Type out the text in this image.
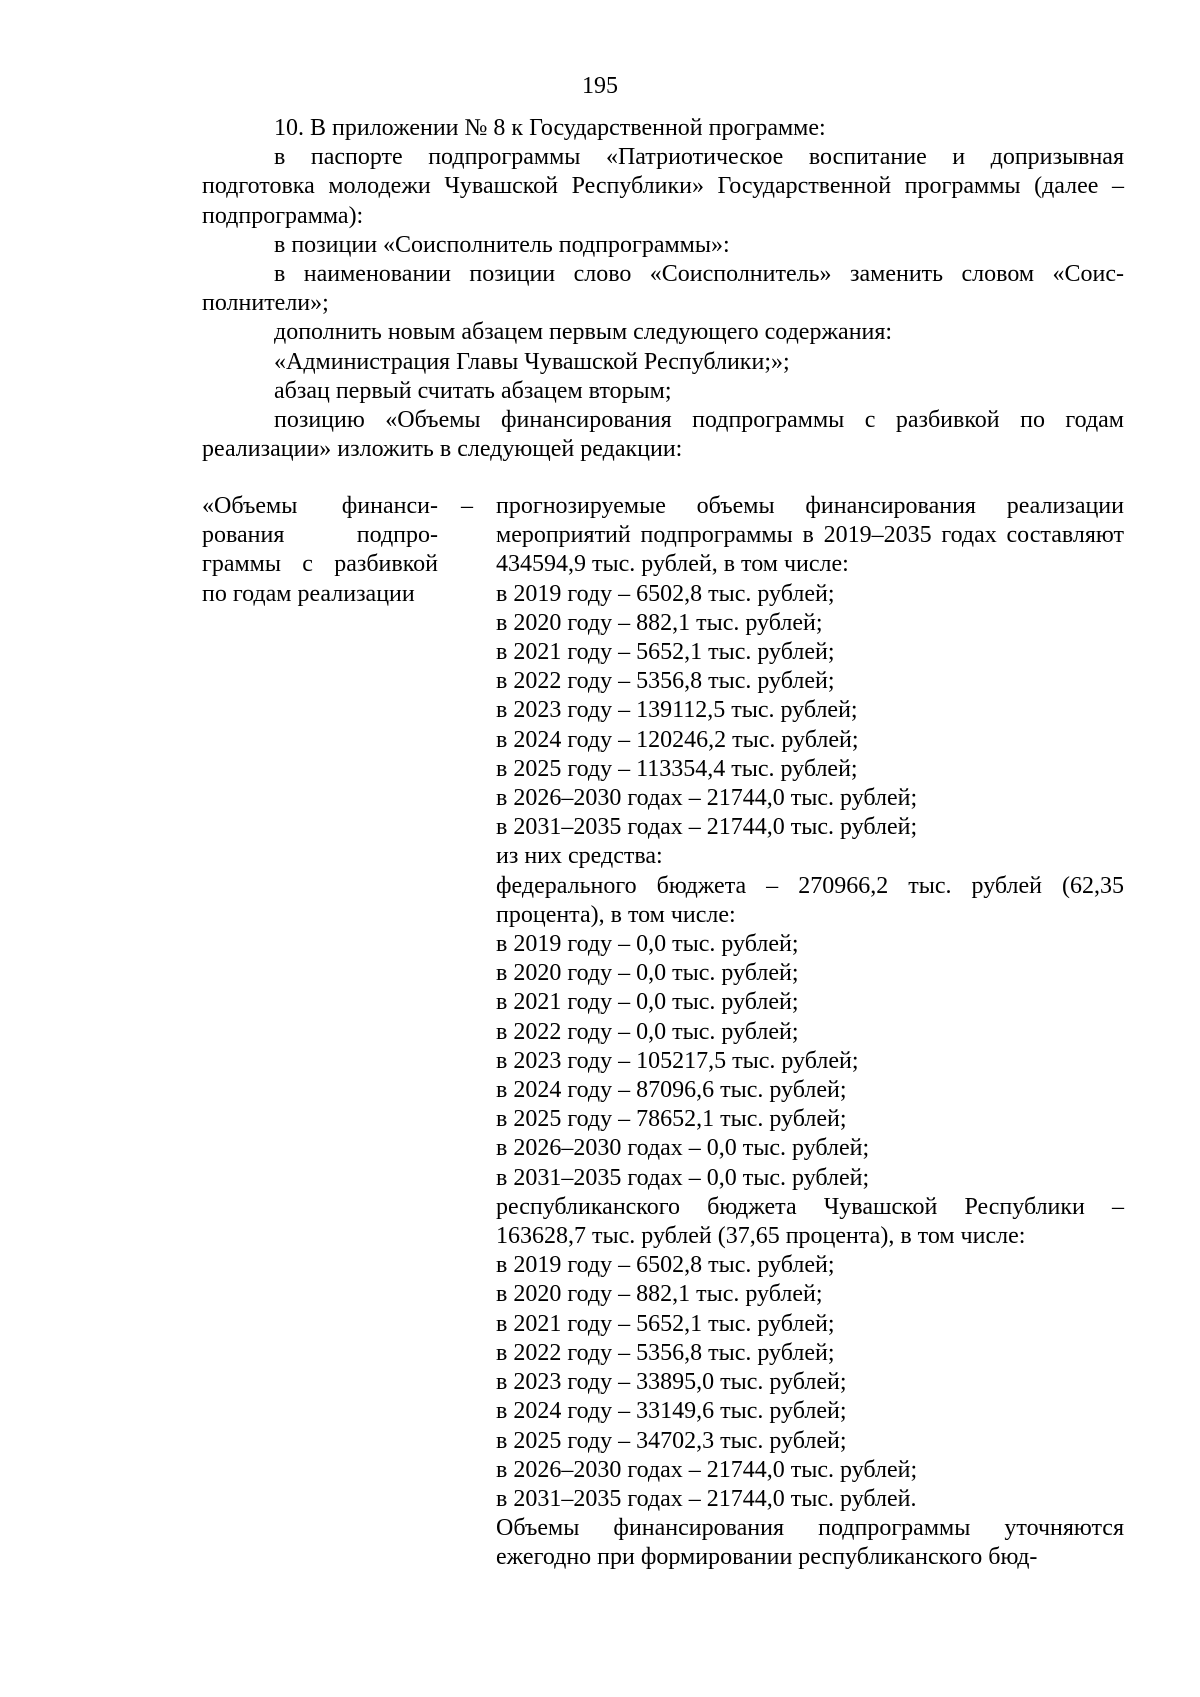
195

10. В приложении № 8 к Государственной программе:

в паспорте подпрограммы «Патриотическое воспитание и допризывная подготовка молодежи Чувашской Республики» Государственной программы (далее – подпрограмма):

в позиции «Соисполнитель подпрограммы»:

в наименовании позиции слово «Соисполнитель» заменить словом «Соисполнители»;

дополнить новым абзацем первым следующего содержания:

«Администрация Главы Чувашской Республики;»;

абзац первый считать абзацем вторым;

позицию «Объемы финансирования подпрограммы с разбивкой по годам реализации» изложить в следующей редакции:

«Объемы финансирования подпрограммы с разбивкой по годам реализации
– прогнозируемые объемы финансирования реализации мероприятий подпрограммы в 2019–2035 годах составляют 434594,9 тыс. рублей, в том числе:

в 2019 году – 6502,8 тыс. рублей;

в 2020 году – 882,1 тыс. рублей;

в 2021 году – 5652,1 тыс. рублей;

в 2022 году – 5356,8 тыс. рублей;

в 2023 году – 139112,5 тыс. рублей;

в 2024 году – 120246,2 тыс. рублей;

в 2025 году – 113354,4 тыс. рублей;

в 2026–2030 годах – 21744,0 тыс. рублей;

в 2031–2035 годах – 21744,0 тыс. рублей;

из них средства:

федерального бюджета – 270966,2 тыс. рублей (62,35 процента), в том числе:

в 2019 году – 0,0 тыс. рублей;

в 2020 году – 0,0 тыс. рублей;

в 2021 году – 0,0 тыс. рублей;

в 2022 году – 0,0 тыс. рублей;

в 2023 году – 105217,5 тыс. рублей;

в 2024 году – 87096,6 тыс. рублей;

в 2025 году – 78652,1 тыс. рублей;

в 2026–2030 годах – 0,0 тыс. рублей;

в 2031–2035 годах – 0,0 тыс. рублей;

республиканского бюджета Чувашской Республики – 163628,7 тыс. рублей (37,65 процента), в том числе:

в 2019 году – 6502,8 тыс. рублей;

в 2020 году – 882,1 тыс. рублей;

в 2021 году – 5652,1 тыс. рублей;

в 2022 году – 5356,8 тыс. рублей;

в 2023 году – 33895,0 тыс. рублей;

в 2024 году – 33149,6 тыс. рублей;

в 2025 году – 34702,3 тыс. рублей;

в 2026–2030 годах – 21744,0 тыс. рублей;

в 2031–2035 годах – 21744,0 тыс. рублей.

Объемы финансирования подпрограммы уточняются ежегодно при формировании республиканского бюд-
